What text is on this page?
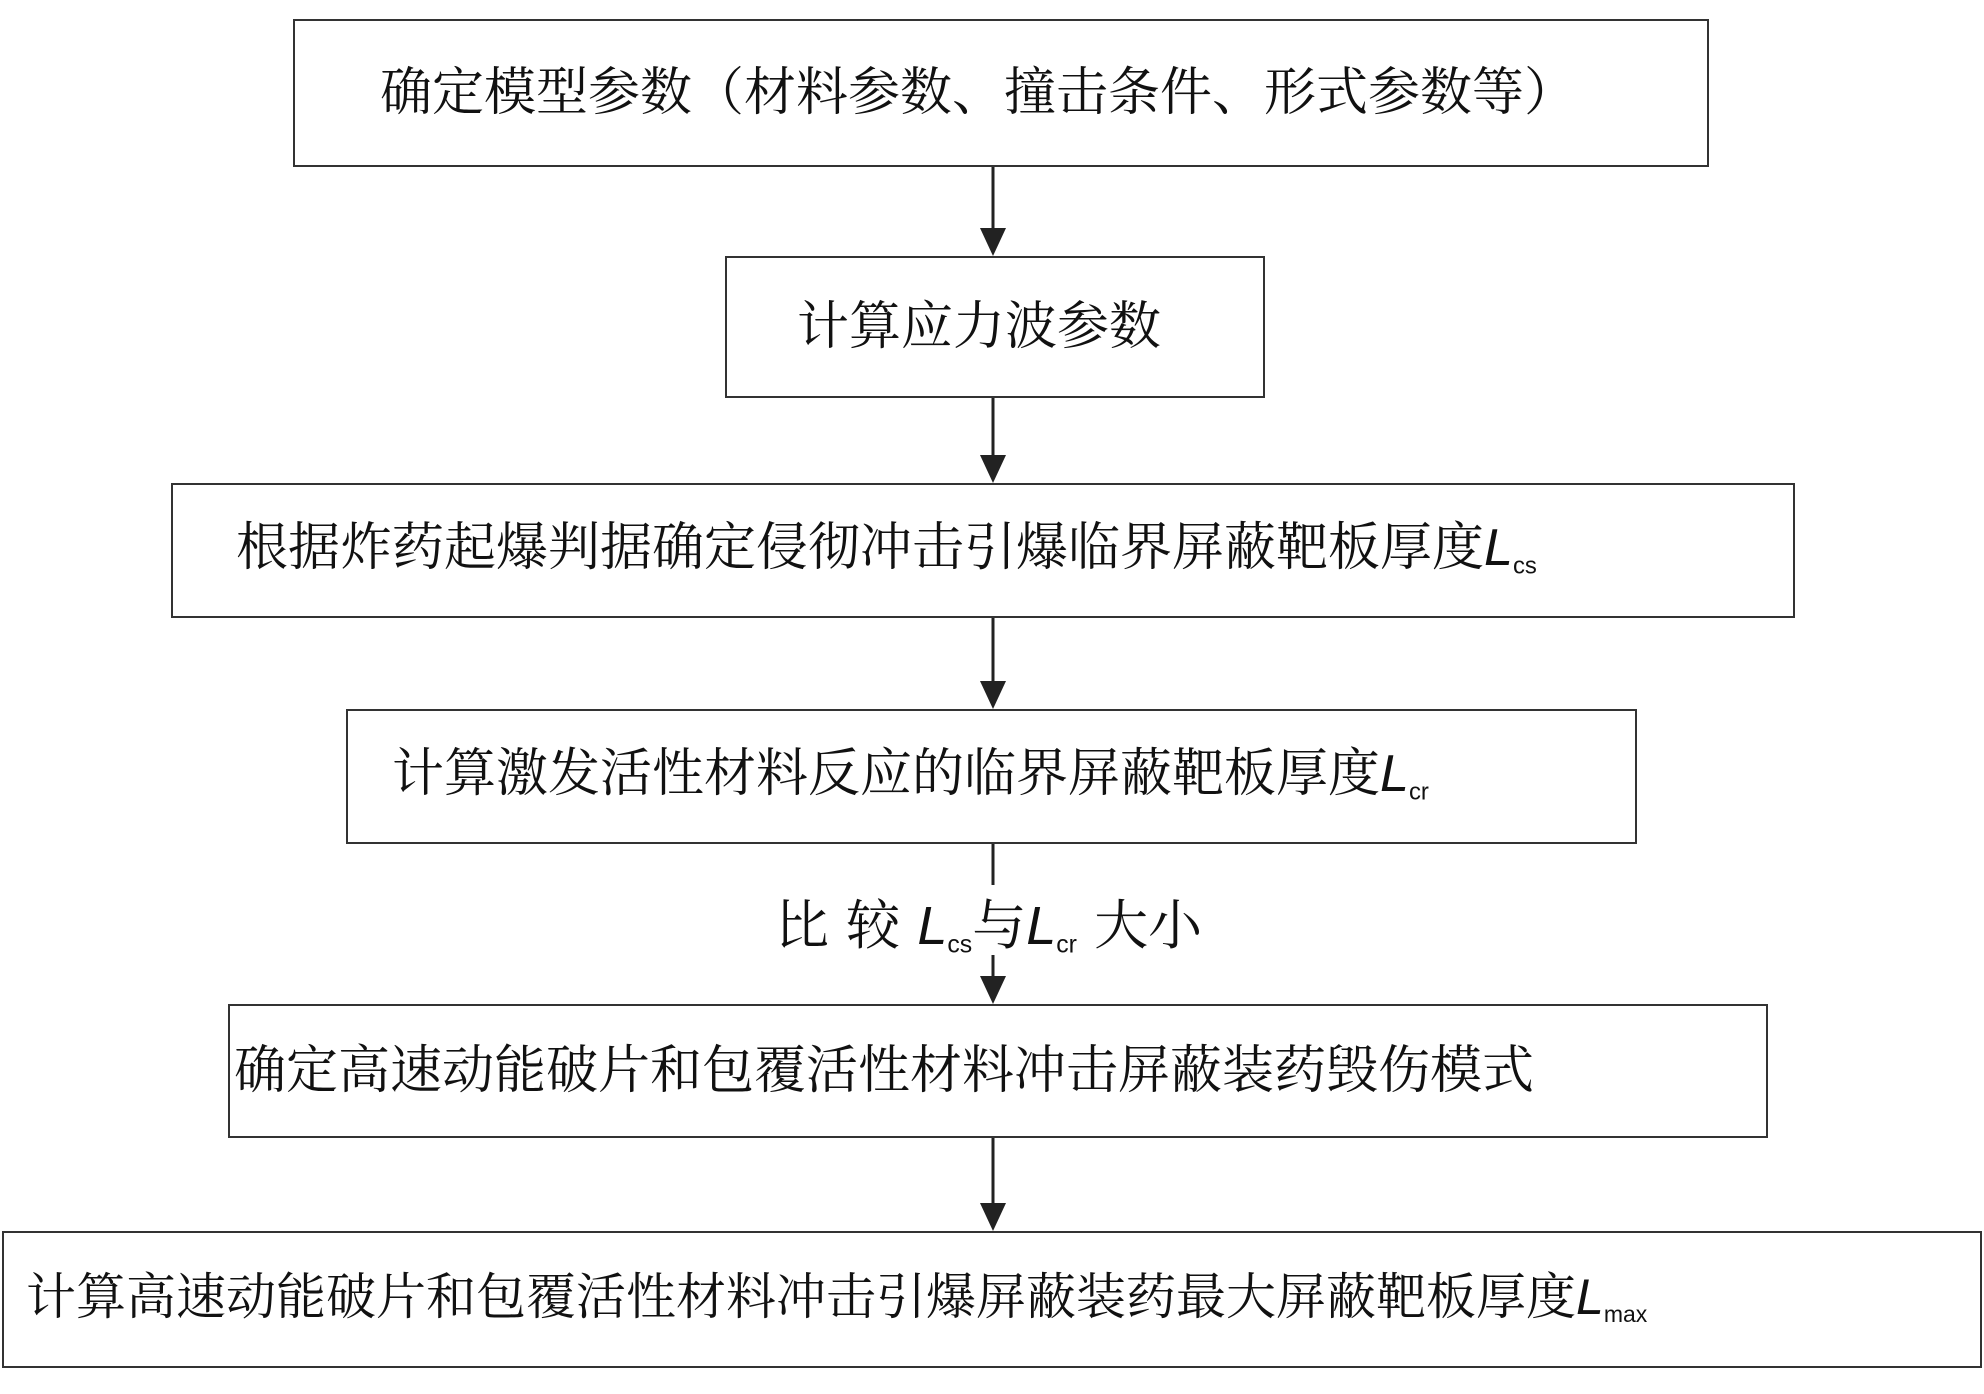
确定模型参数（材料参数、撞击条件、形式参数等）
计算应力波参数
根据炸药起爆判据确定侵彻冲击引爆临界屏蔽靶板厚度$L_{cs}$
计算激发活性材料反应的临界屏蔽靶板厚度$L_{cr}$
比 较 $L_{cs}$与$L_{cr}$ 大小
确定高速动能破片和包覆活性材料冲击屏蔽装药毁伤模式
计算高速动能破片和包覆活性材料冲击引爆屏蔽装药最大屏蔽靶板厚度$L_{max}$
